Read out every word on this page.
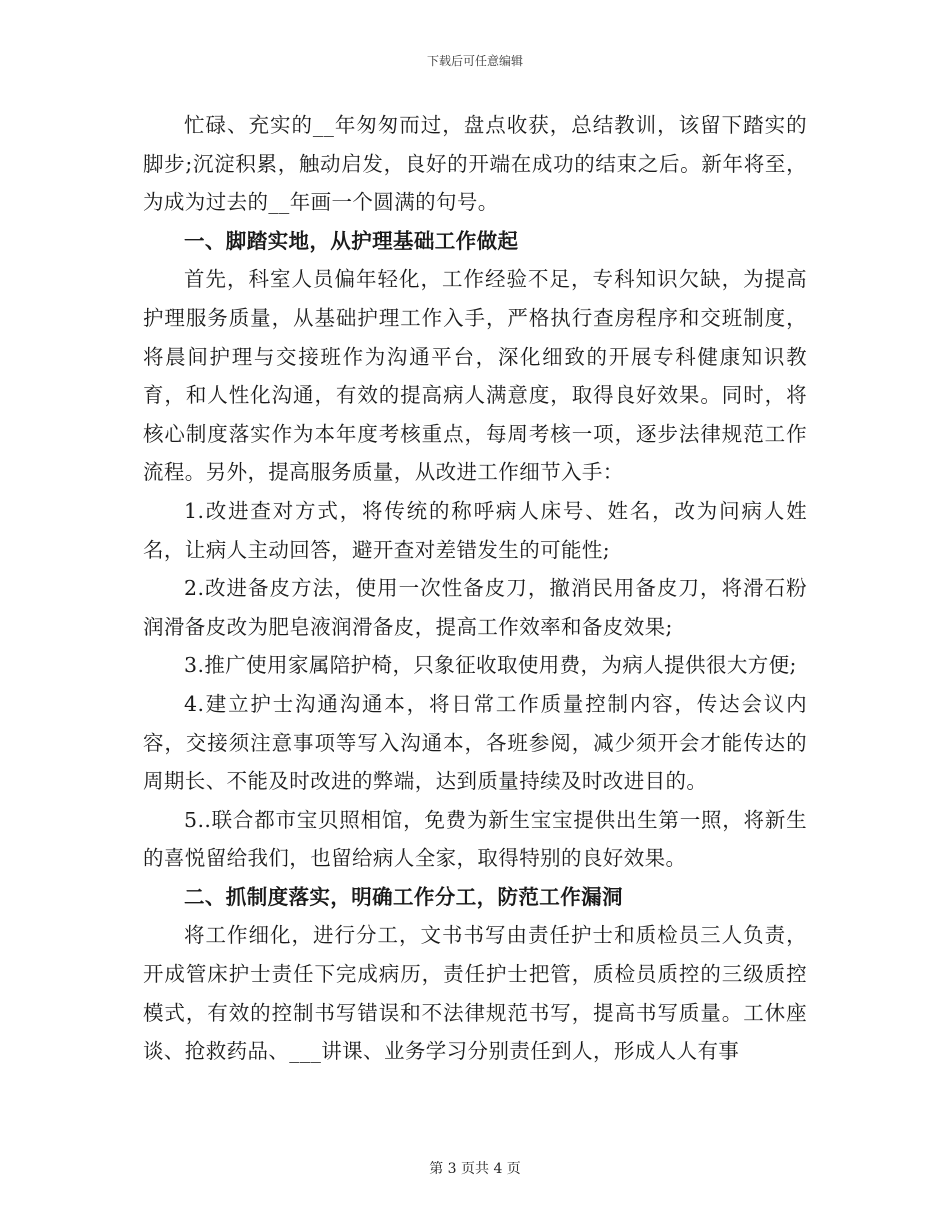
下载后可任意编辑

忙碌、充实的__年匆匆而过，盘点收获，总结教训，该留下踏实的脚步;沉淀积累，触动启发，良好的开端在成功的结束之后。新年将至，为成为过去的__年画一个圆满的句号。

一、脚踏实地，从护理基础工作做起

首先，科室人员偏年轻化，工作经验不足，专科知识欠缺，为提高护理服务质量，从基础护理工作入手，严格执行查房程序和交班制度，将晨间护理与交接班作为沟通平台，深化细致的开展专科健康知识教育，和人性化沟通，有效的提高病人满意度，取得良好效果。同时，将核心制度落实作为本年度考核重点，每周考核一项，逐步法律规范工作流程。另外，提高服务质量，从改进工作细节入手：

1.改进查对方式，将传统的称呼病人床号、姓名，改为问病人姓名，让病人主动回答，避开查对差错发生的可能性;

2.改进备皮方法，使用一次性备皮刀，撤消民用备皮刀，将滑石粉润滑备皮改为肥皂液润滑备皮，提高工作效率和备皮效果;

3.推广使用家属陪护椅，只象征收取使用费，为病人提供很大方便;

4.建立护士沟通沟通本，将日常工作质量控制内容，传达会议内容，交接须注意事项等写入沟通本，各班参阅，减少须开会才能传达的周期长、不能及时改进的弊端，达到质量持续及时改进目的。

5..联合都市宝贝照相馆，免费为新生宝宝提供出生第一照，将新生的喜悦留给我们，也留给病人全家，取得特别的良好效果。

二、抓制度落实，明确工作分工，防范工作漏洞

将工作细化，进行分工，文书书写由责任护士和质检员三人负责，开成管床护士责任下完成病历，责任护士把管，质检员质控的三级质控模式，有效的控制书写错误和不法律规范书写，提高书写质量。工休座谈、抢救药品、___讲课、业务学习分别责任到人，形成人人有事

第 3 页共 4 页
